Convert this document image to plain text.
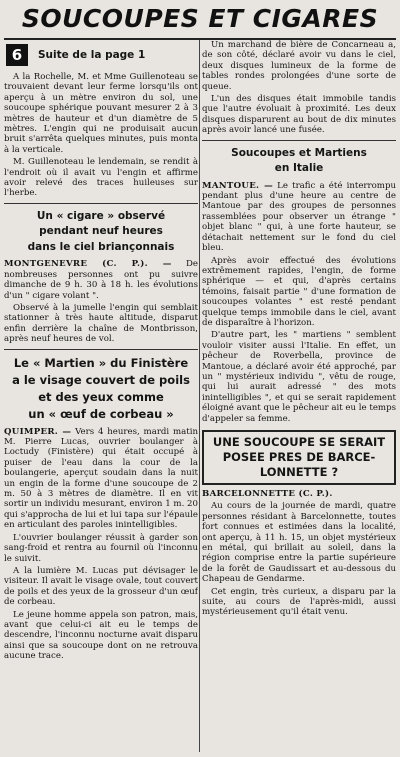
SOUCOUPES ET CIGARES
6	Suite de la page 1

A la Rochelle, M. et Mme Guillenoteau se trouvaient devant leur ferme lorsqu'ils ont aperçu à un mètre environ du sol, une soucoupe sphérique pouvant mesurer 2 à 3 mètres de hauteur et d'un diamètre de 5 mètres. L'engin qui ne produisait aucun bruit s'arrêta quelques minutes, puis monta à la verticale.

M. Guillenoteau le lendemain, se rendit à l'endroit où il avait vu l'engin et affirme avoir relevé des traces huileuses sur l'herbe.

Un « cigare » observé
pendant neuf heures
dans le ciel briançonnais

MONTGENEVRE (C. P.). — De nombreuses personnes ont pu suivre dimanche de 9 h. 30 à 18 h. les évolutions d'un " cigare volant ".

Observé à la jumelle l'engin qui semblait stationner à très haute altitude, disparut enfin derrière la chaîne de Montbrisson, après neuf heures de vol.

Le « Martien » du Finistère
a le visage couvert de poils
et des yeux comme
un « œuf de corbeau »

QUIMPER. — Vers 4 heures, mardi matin M. Pierre Lucas, ouvrier boulanger à Loctudy (Finistère) qui était occupé à puiser de l'eau dans la cour de la boulangerie, aperçut soudain dans la nuit un engin de la forme d'une soucoupe de 2 m. 50 à 3 mètres de diamètre. Il en vit sortir un individu mesurant, environ 1 m. 20 qui s'approcha de lui et lui tapa sur l'épaule en articulant des paroles inintelligibles.

L'ouvrier boulanger réussit à garder son sang-froid et rentra au fournil où l'inconnu le suivit.

A la lumière M. Lucas put dévisager le visiteur. Il avait le visage ovale, tout couvert de poils et des yeux de la grosseur d'un œuf de corbeau.

Le jeune homme appela son patron, mais, avant que celui-ci ait eu le temps de descendre, l'inconnu nocturne avait disparu ainsi que sa soucoupe dont on ne retrouva aucune trace.

Un marchand de bière de Concarneau a, de son côté, déclaré avoir vu dans le ciel, deux disques lumineux de la forme de tables rondes prolongées d'une sorte de queue.

L'un des disques était immobile tandis que l'autre évoluait à proximité. Les deux disques disparurent au bout de dix minutes après avoir lancé une fusée.

Soucoupes et Martiens
en Italie

MANTOUE. — Le trafic a été interrompu pendant plus d'une heure au centre de Mantoue par des groupes de personnes rassemblées pour observer un étrange " objet blanc " qui, à une forte hauteur, se détachait nettement sur le fond du ciel bleu.

Après avoir effectué des évolutions extrêmement rapides, l'engin, de forme sphérique — et qui, d'après certains témoins, faisait partie " d'une formation de soucoupes volantes " est resté pendant quelque temps immobile dans le ciel, avant de disparaître à l'horizon.

D'autre part, les " martiens " semblent vouloir visiter aussi l'Italie. En effet, un pêcheur de Roverbella, province de Mantoue, a déclaré avoir été approché, par un " mystérieux individu ", vêtu de rouge, qui lui aurait adressé " des mots inintelligibles ", et qui se serait rapidement éloigné avant que le pêcheur ait eu le temps d'appeler sa femme.

UNE SOUCOUPE SE SERAIT
POSEE PRES DE BARCE-
LONNETTE ?

BARCELONNETTE (C. P.).

Au cours de la journée de mardi, quatre personnes résidant à Barcelonnette, toutes fort connues et estimées dans la localité, ont aperçu, à 11 h. 15, un objet mystérieux en métal, qui brillait au soleil, dans la région comprise entre la partie supérieure de la forêt de Gaudissart et au-dessous du Chapeau de Gendarme.

Cet engin, très curieux, a disparu par la suite, au cours de l'après-midi, aussi mystérieusement qu'il était venu.
